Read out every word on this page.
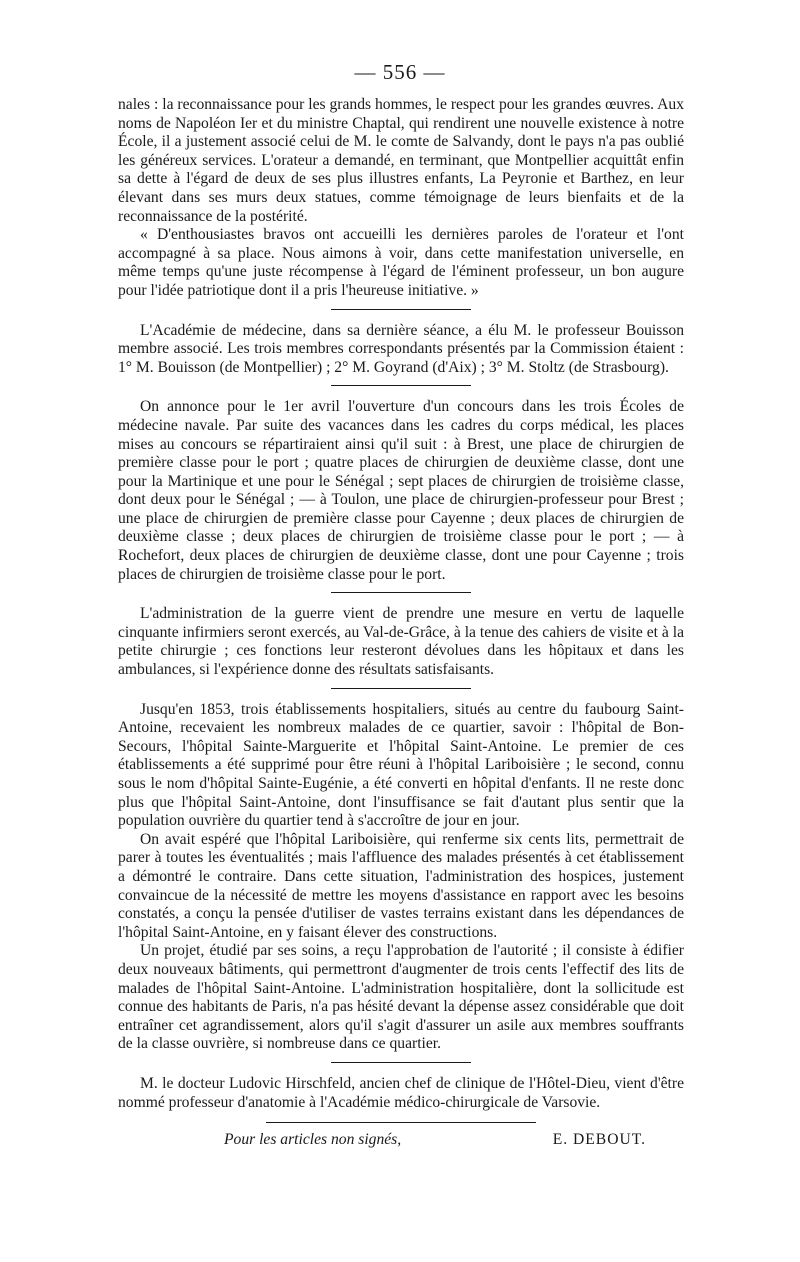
— 556 —

nales : la reconnaissance pour les grands hommes, le respect pour les grandes œuvres. Aux noms de Napoléon Ier et du ministre Chaptal, qui rendirent une nouvelle existence à notre École, il a justement associé celui de M. le comte de Salvandy, dont le pays n'a pas oublié les généreux services. L'orateur a demandé, en terminant, que Montpellier acquittât enfin sa dette à l'égard de deux de ses plus illustres enfants, La Peyronie et Barthez, en leur élevant dans ses murs deux statues, comme témoignage de leurs bienfaits et de la reconnaissance de la postérité.

« D'enthousiastes bravos ont accueilli les dernières paroles de l'orateur et l'ont accompagné à sa place. Nous aimons à voir, dans cette manifestation universelle, en même temps qu'une juste récompense à l'égard de l'éminent professeur, un bon augure pour l'idée patriotique dont il a pris l'heureuse initiative. »

L'Académie de médecine, dans sa dernière séance, a élu M. le professeur Bouisson membre associé. Les trois membres correspondants présentés par la Commission étaient : 1° M. Bouisson (de Montpellier) ; 2° M. Goyrand (d'Aix) ; 3° M. Stoltz (de Strasbourg).

On annonce pour le 1er avril l'ouverture d'un concours dans les trois Écoles de médecine navale. Par suite des vacances dans les cadres du corps médical, les places mises au concours se répartiraient ainsi qu'il suit : à Brest, une place de chirurgien de première classe pour le port ; quatre places de chirurgien de deuxième classe, dont une pour la Martinique et une pour le Sénégal ; sept places de chirurgien de troisième classe, dont deux pour le Sénégal ; — à Toulon, une place de chirurgien-professeur pour Brest ; une place de chirurgien de première classe pour Cayenne ; deux places de chirurgien de deuxième classe ; deux places de chirurgien de troisième classe pour le port ; — à Rochefort, deux places de chirurgien de deuxième classe, dont une pour Cayenne ; trois places de chirurgien de troisième classe pour le port.

L'administration de la guerre vient de prendre une mesure en vertu de laquelle cinquante infirmiers seront exercés, au Val-de-Grâce, à la tenue des cahiers de visite et à la petite chirurgie ; ces fonctions leur resteront dévolues dans les hôpitaux et dans les ambulances, si l'expérience donne des résultats satisfaisants.

Jusqu'en 1853, trois établissements hospitaliers, situés au centre du faubourg Saint-Antoine, recevaient les nombreux malades de ce quartier, savoir : l'hôpital de Bon-Secours, l'hôpital Sainte-Marguerite et l'hôpital Saint-Antoine. Le premier de ces établissements a été supprimé pour être réuni à l'hôpital Lariboisière ; le second, connu sous le nom d'hôpital Sainte-Eugénie, a été converti en hôpital d'enfants. Il ne reste donc plus que l'hôpital Saint-Antoine, dont l'insuffisance se fait d'autant plus sentir que la population ouvrière du quartier tend à s'accroître de jour en jour.

On avait espéré que l'hôpital Lariboisière, qui renferme six cents lits, permettrait de parer à toutes les éventualités ; mais l'affluence des malades présentés à cet établissement a démontré le contraire. Dans cette situation, l'administration des hospices, justement convaincue de la nécessité de mettre les moyens d'assistance en rapport avec les besoins constatés, a conçu la pensée d'utiliser de vastes terrains existant dans les dépendances de l'hôpital Saint-Antoine, en y faisant élever des constructions.

Un projet, étudié par ses soins, a reçu l'approbation de l'autorité ; il consiste à édifier deux nouveaux bâtiments, qui permettront d'augmenter de trois cents l'effectif des lits de malades de l'hôpital Saint-Antoine. L'administration hospitalière, dont la sollicitude est connue des habitants de Paris, n'a pas hésité devant la dépense assez considérable que doit entraîner cet agrandissement, alors qu'il s'agit d'assurer un asile aux membres souffrants de la classe ouvrière, si nombreuse dans ce quartier.

M. le docteur Ludovic Hirschfeld, ancien chef de clinique de l'Hôtel-Dieu, vient d'être nommé professeur d'anatomie à l'Académie médico-chirurgicale de Varsovie.

Pour les articles non signés,	E. DEBOUT.
